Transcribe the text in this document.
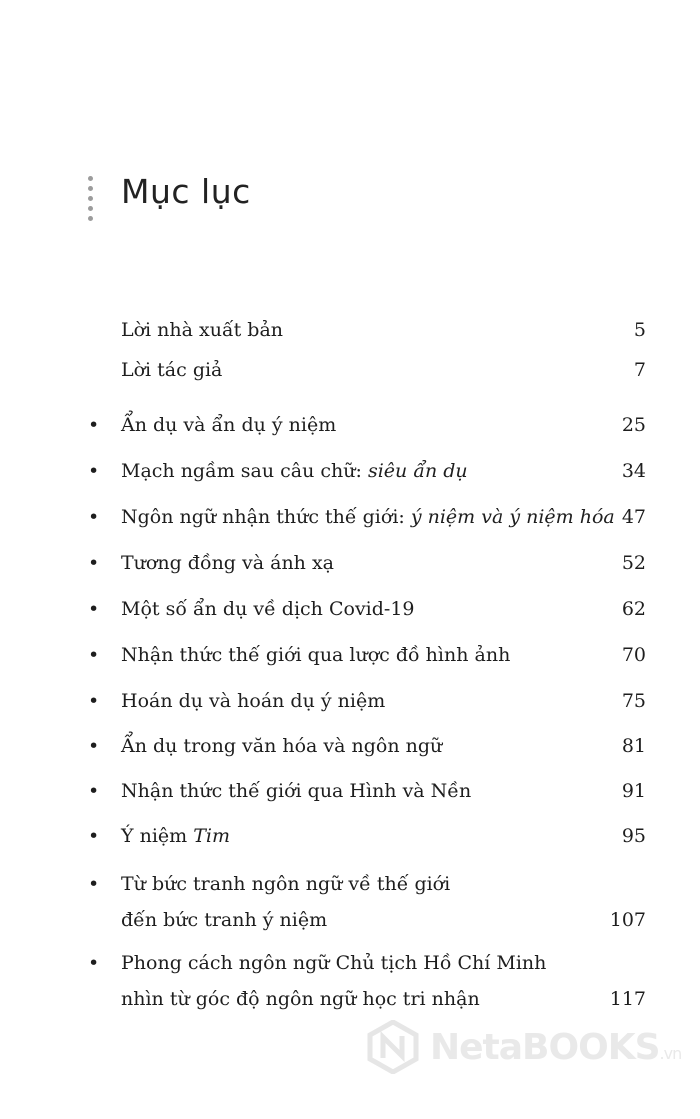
Mục lục
Lời nhà xuất bản	5
Lời tác giả	7
• Ẩn dụ và ẩn dụ ý niệm	25
• Mạch ngầm sau câu chữ: siêu ẩn dụ	34
• Ngôn ngữ nhận thức thế giới: ý niệm và ý niệm hóa 47
• Tương đồng và ánh xạ	52
• Một số ẩn dụ về dịch Covid-19	62
• Nhận thức thế giới qua lược đồ hình ảnh	70
• Hoán dụ và hoán dụ ý niệm	75
• Ẩn dụ trong văn hóa và ngôn ngữ	81
• Nhận thức thế giới qua Hình và Nền	91
• Ý niệm Tim	95
• Từ bức tranh ngôn ngữ về thế giới
đến bức tranh ý niệm	107
• Phong cách ngôn ngữ Chủ tịch Hồ Chí Minh
nhìn từ góc độ ngôn ngữ học tri nhận	117
NetaBOOKS.vn
